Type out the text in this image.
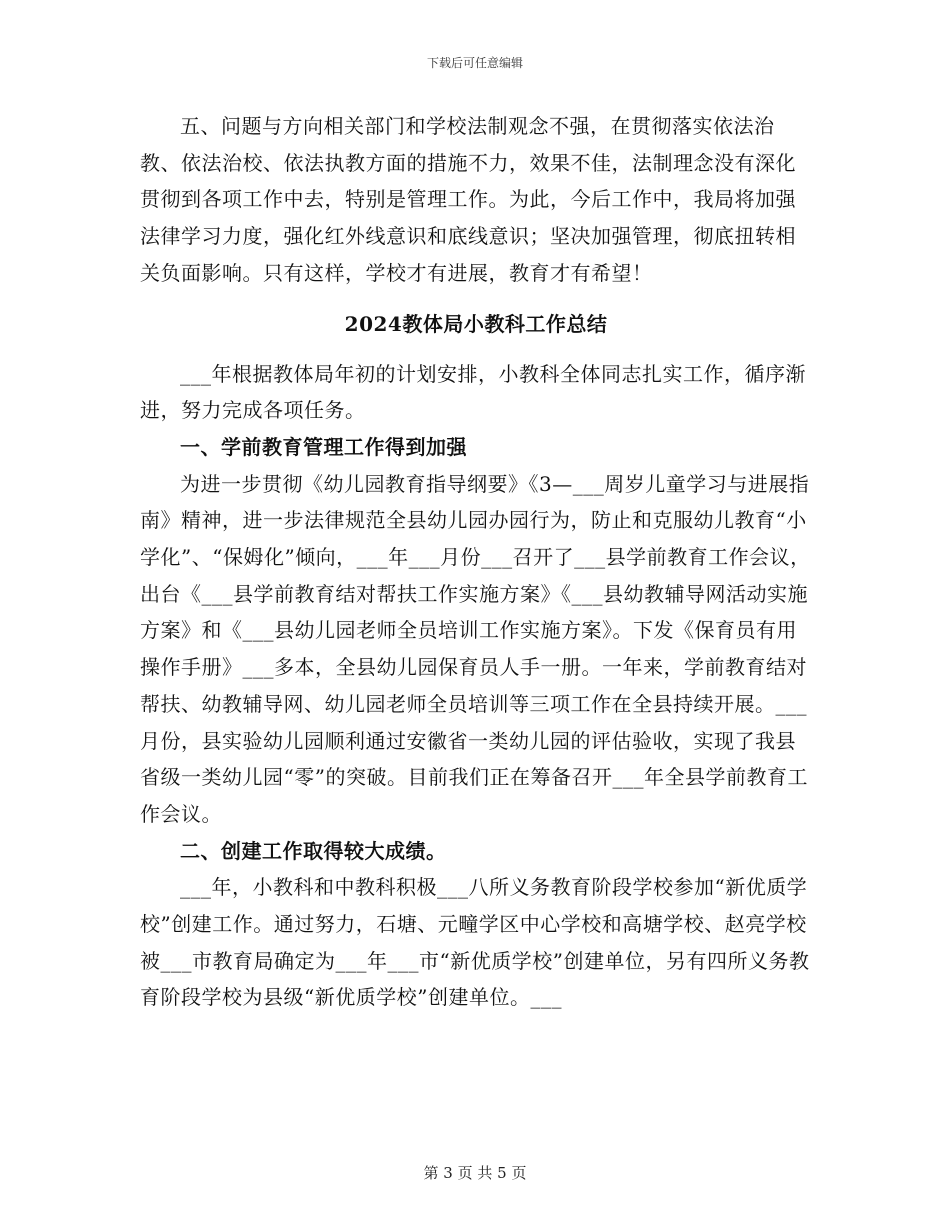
下载后可任意编辑

五、问题与方向相关部门和学校法制观念不强，在贯彻落实依法治教、依法治校、依法执教方面的措施不力，效果不佳，法制理念没有深化贯彻到各项工作中去，特别是管理工作。为此，今后工作中，我局将加强法律学习力度，强化红外线意识和底线意识；坚决加强管理，彻底扭转相关负面影响。只有这样，学校才有进展，教育才有希望！

2024教体局小教科工作总结

___年根据教体局年初的计划安排，小教科全体同志扎实工作，循序渐进，努力完成各项任务。

一、学前教育管理工作得到加强

为进一步贯彻《幼儿园教育指导纲要》《3—___周岁儿童学习与进展指南》精神，进一步法律规范全县幼儿园办园行为，防止和克服幼儿教育“小学化”、“保姆化”倾向，___年___月份___召开了___县学前教育工作会议，出台《___县学前教育结对帮扶工作实施方案》《___县幼教辅导网活动实施方案》和《___县幼儿园老师全员培训工作实施方案》。下发《保育员有用操作手册》___多本，全县幼儿园保育员人手一册。一年来，学前教育结对帮扶、幼教辅导网、幼儿园老师全员培训等三项工作在全县持续开展。___月份，县实验幼儿园顺利通过安徽省一类幼儿园的评估验收，实现了我县省级一类幼儿园“零”的突破。目前我们正在筹备召开___年全县学前教育工作会议。

二、创建工作取得较大成绩。

___年，小教科和中教科积极___八所义务教育阶段学校参加“新优质学校”创建工作。通过努力，石塘、元疃学区中心学校和高塘学校、赵亮学校被___市教育局确定为___年___市“新优质学校”创建单位，另有四所义务教育阶段学校为县级“新优质学校”创建单位。___

第 3 页 共 5 页
